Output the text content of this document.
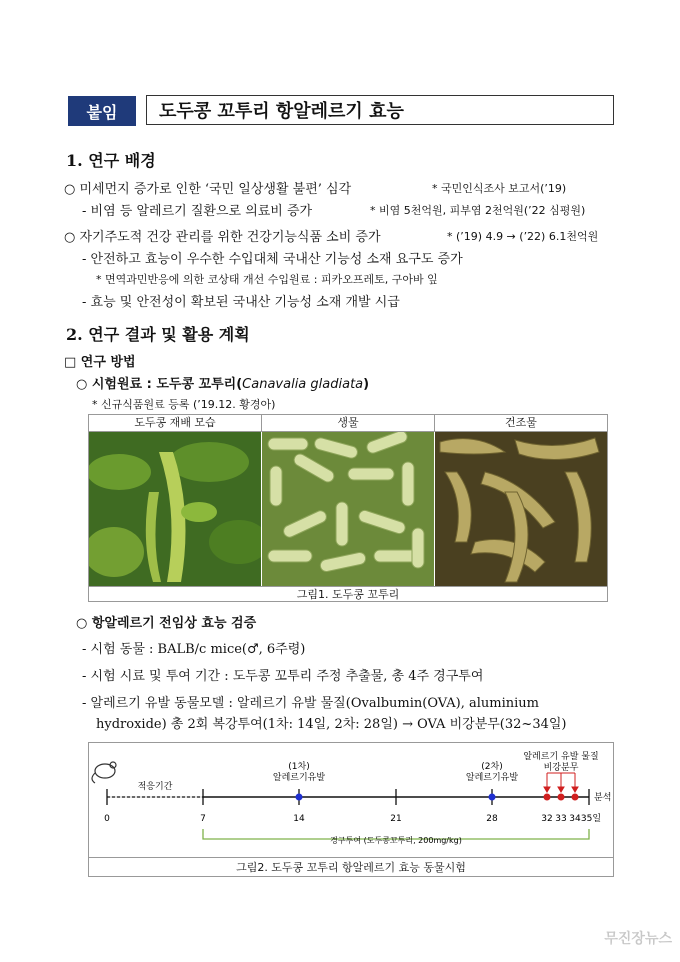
붙임	도두콩 꼬투리 항알레르기 효능
1. 연구 배경
○ 미세먼지 증가로 인한 ‘국민 일상생활 불편’ 심각	* 국민인식조사 보고서(’19)
- 비염 등 알레르기 질환으로 의료비 증가	* 비염 5천억원, 피부염 2천억원(’22 심평원)
○ 자기주도적 건강 관리를 위한 건강기능식품 소비 증가	* (’19) 4.9 → (’22) 6.1천억원
- 안전하고 효능이 우수한 수입대체 국내산 기능성 소재 요구도 증가
* 면역과민반응에 의한 코상태 개선 수입원료 : 피카오프레토, 구아바 잎
- 효능 및 안전성이 확보된 국내산 기능성 소재 개발 시급
2. 연구 결과 및 활용 계획
□ 연구 방법
○ 시험원료 : 도두콩 꼬투리(Canavalia gladiata)
* 신규식품원료 등록 (’19.12. 황경아)
도두콩 재배 모습	생물	건조물
그림1. 도두콩 꼬투리
○ 항알레르기 전임상 효능 검증
- 시험 동물 : BALB/c mice(♂, 6주령)
- 시험 시료 및 투여 기간 : 도두콩 꼬투리 주정 추출물, 총 4주 경구투여
- 알레르기 유발 동물모델 : 알레르기 유발 물질(Ovalbumin(OVA), aluminium
hydroxide) 총 2회 복강투여(1차: 14일, 2차: 28일) → OVA 비강분무(32~34일)
적응기간
(1차)
알레르기유발
(2차)
알레르기유발
알레르기 유발 물질
비강분무
분석
0	7	14	21	28	32 33 34 35일
경구투여 (도두콩꼬투리, 200mg/kg)
그림2. 도두콩 꼬투리 항알레르기 효능 동물시험
무진장뉴스
